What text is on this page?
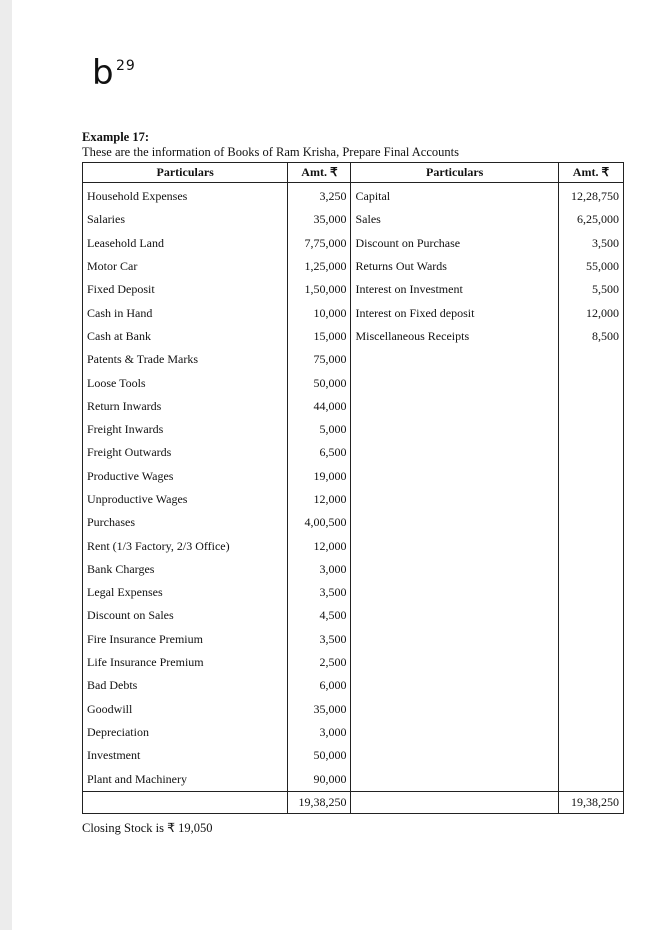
b 29
Example 17:
These are the information of Books of Ram Krisha, Prepare Final Accounts
Particulars	Amt. ₹	Particulars	Amt. ₹
Household Expenses	3,250	Capital	12,28,750
Salaries	35,000	Sales	6,25,000
Leasehold Land	7,75,000	Discount on Purchase	3,500
Motor Car	1,25,000	Returns Out Wards	55,000
Fixed Deposit	1,50,000	Interest on Investment	5,500
Cash in Hand	10,000	Interest on Fixed deposit	12,000
Cash at Bank	15,000	Miscellaneous Receipts	8,500
Patents & Trade Marks	75,000		
Loose Tools	50,000		
Return Inwards	44,000		
Freight Inwards	5,000		
Freight Outwards	6,500		
Productive Wages	19,000		
Unproductive Wages	12,000		
Purchases	4,00,500		
Rent (1/3 Factory, 2/3 Office)	12,000		
Bank Charges	3,000		
Legal Expenses	3,500		
Discount on Sales	4,500		
Fire Insurance Premium	3,500		
Life Insurance Premium	2,500		
Bad Debts	6,000		
Goodwill	35,000		
Depreciation	3,000		
Investment	50,000		
Plant and Machinery	90,000		
	19,38,250		19,38,250
Closing Stock is ₹ 19,050
